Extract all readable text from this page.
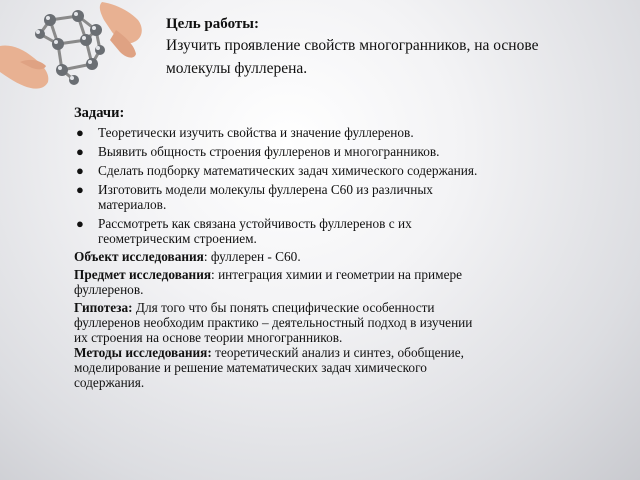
Цель работы:
Изучить проявление свойств многогранников, на основе
молекулы фуллерена.
Задачи:
● Теоретически изучить свойства и значение фуллеренов.
● Выявить общность строения фуллеренов и многогранников.
● Сделать подборку математических задач химического содержания.
● Изготовить модели молекулы фуллерена С60 из различных
материалов.
● Рассмотреть как связана устойчивость фуллеренов с их
геометрическим строением.

Объект исследования: фуллерен - С60.

Предмет исследования: интеграция химии и геометрии на примере
фуллеренов.

Гипотеза: Для того что бы понять специфические особенности
фуллеренов необходим практико – деятельностный подход в изучении
их строения на основе теории многогранников.
Методы исследования: теоретический анализ и синтез, обобщение,
моделирование и решение математических задач химического
содержания.
